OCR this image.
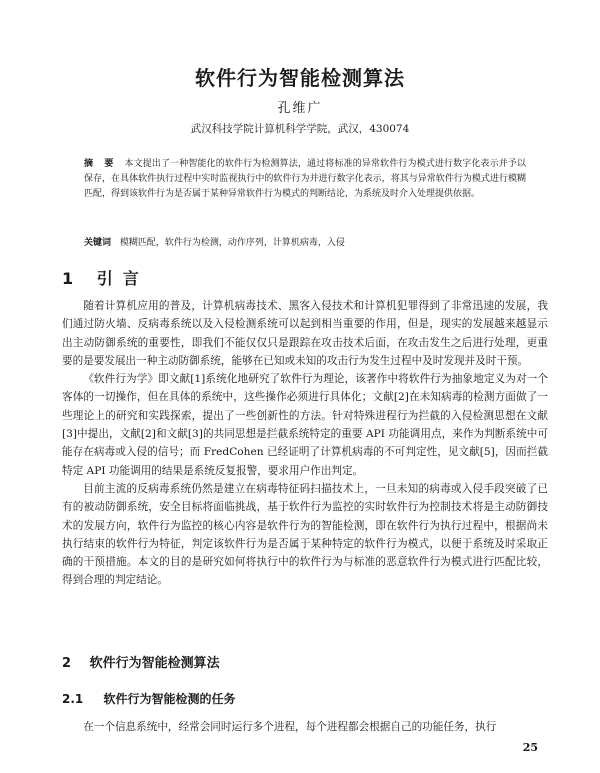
软件行为智能检测算法
孔维广
武汉科技学院计算机科学学院，武汉，430074
摘 要 本文提出了一种智能化的软件行为检测算法，通过将标准的异常软件行为模式进行数字化表示并予以保存，在具体软件执行过程中实时监视执行中的软件行为并进行数字化表示，将其与异常软件行为模式进行模糊匹配，得到该软件行为是否属于某种异常软件行为模式的判断结论，为系统及时介入处理提供依据。
关键词 模糊匹配，软件行为检测，动作序列，计算机病毒，入侵
1 引言

随着计算机应用的普及，计算机病毒技术、黑客入侵技术和计算机犯罪得到了非常迅速的发展，我们通过防火墙、反病毒系统以及入侵检测系统可以起到相当重要的作用，但是，现实的发展越来越显示出主动防御系统的重要性，即我们不能仅仅只是跟踪在攻击技术后面，在攻击发生之后进行处理，更重要的是要发展出一种主动防御系统，能够在已知或未知的攻击行为发生过程中及时发现并及时干预。

《软件行为学》即文献[1]系统化地研究了软件行为理论，该著作中将软件行为抽象地定义为对一个客体的一切操作，但在具体的系统中，这些操作必须进行具体化；文献[2]在未知病毒的检测方面做了一些理论上的研究和实践探索，提出了一些创新性的方法。针对特殊进程行为拦截的入侵检测思想在文献[3]中提出，文献[2]和文献[3]的共同思想是拦截系统特定的重要 API 功能调用点，来作为判断系统中可能存在病毒或入侵的信号；而 FredCohen 已经证明了计算机病毒的不可判定性，见文献[5]，因而拦截特定 API 功能调用的结果是系统反复报警，要求用户作出判定。

目前主流的反病毒系统仍然是建立在病毒特征码扫描技术上，一旦未知的病毒或入侵手段突破了已有的被动防御系统，安全目标将面临挑战，基于软件行为监控的实时软件行为控制技术将是主动防御技术的发展方向，软件行为监控的核心内容是软件行为的智能检测，即在软件行为执行过程中，根据尚未执行结束的软件行为特征，判定该软件行为是否属于某种特定的软件行为模式，以便于系统及时采取正确的干预措施。本文的目的是研究如何将执行中的软件行为与标准的恶意软件行为模式进行匹配比较，得到合理的判定结论。

2 软件行为智能检测算法
2.1 软件行为智能检测的任务
在一个信息系统中，经常会同时运行多个进程，每个进程都会根据自己的功能任务，执行
25
